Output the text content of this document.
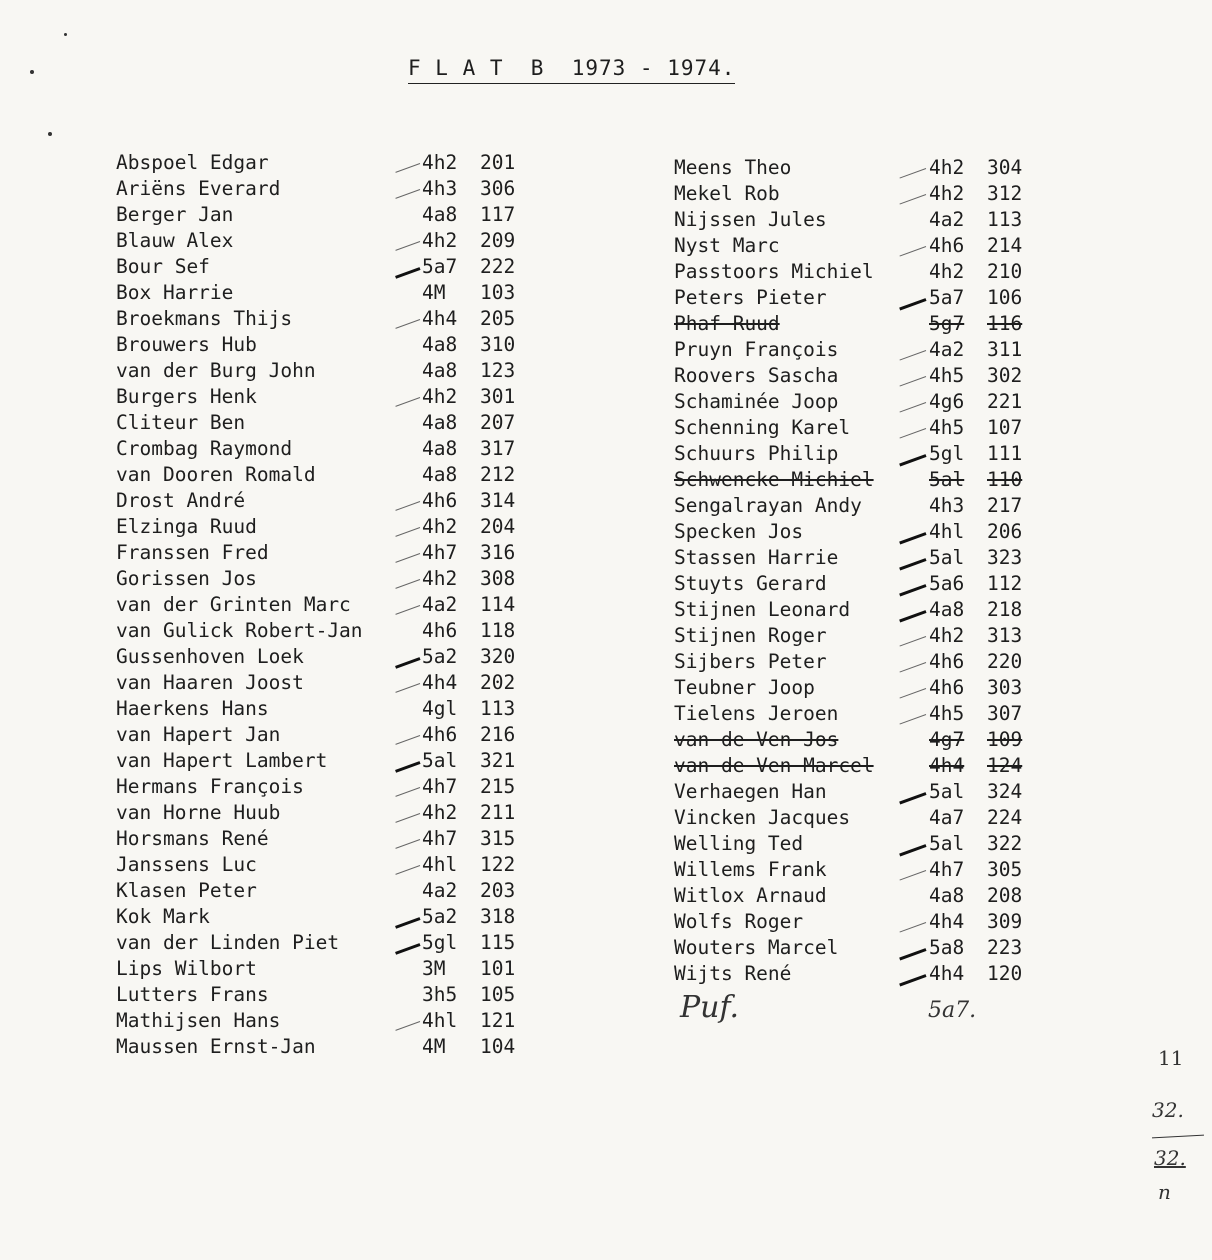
F L A T  B  1973 - 1974.
Abspoel Edgar	4h2 201
Ariëns Everard	4h3 306
Berger Jan	4a8 117
Blauw Alex	4h2 209
Bour Sef	5a7 222
Box Harrie	4M 103
Broekmans Thijs	4h4 205
Brouwers Hub	4a8 310
van der Burg John	4a8 123
Burgers Henk	4h2 301
Cliteur Ben	4a8 207
Crombag Raymond	4a8 317
van Dooren Romald	4a8 212
Drost André	4h6 314
Elzinga Ruud	4h2 204
Franssen Fred	4h7 316
Gorissen Jos	4h2 308
van der Grinten Marc	4a2 114
van Gulick Robert-Jan	4h6 118
Gussenhoven Loek	5a2 320
van Haaren Joost	4h4 202
Haerkens Hans	4gl 113
van Hapert Jan	4h6 216
van Hapert Lambert	5al 321
Hermans François	4h7 215
van Horne Huub	4h2 211
Horsmans René	4h7 315
Janssens Luc	4hl 122
Klasen Peter	4a2 203
Kok Mark	5a2 318
van der Linden Piet	5gl 115
Lips Wilbort	3M 101
Lutters Frans	3h5 105
Mathijsen Hans	4hl 121
Maussen Ernst-Jan	4M 104
Meens Theo	4h2 304
Mekel Rob	4h2 312
Nijssen Jules	4a2 113
Nyst Marc	4h6 214
Passtoors Michiel	4h2 210
Peters Pieter	5a7 106
Phaf Ruud	5g7 116
Pruyn François	4a2 311
Roovers Sascha	4h5 302
Schaminée Joop	4g6 221
Schenning Karel	4h5 107
Schuurs Philip	5gl 111
Schwencke Michiel	5al 110
Sengalrayan Andy	4h3 217
Specken Jos	4hl 206
Stassen Harrie	5al 323
Stuyts Gerard	5a6 112
Stijnen Leonard	4a8 218
Stijnen Roger	4h2 313
Sijbers Peter	4h6 220
Teubner Joop	4h6 303
Tielens Jeroen	4h5 307
van de Ven Jos	4g7 109
van de Ven Marcel	4h4 124
Verhaegen Han	5al 324
Vincken Jacques	4a7 224
Welling Ted	5al 322
Willems Frank	4h7 305
Witlox Arnaud	4a8 208
Wolfs Roger	4h4 309
Wouters Marcel	5a8 223
Wijts René	4h4 120
Puf.	5a7.
11
32.
32.
n
